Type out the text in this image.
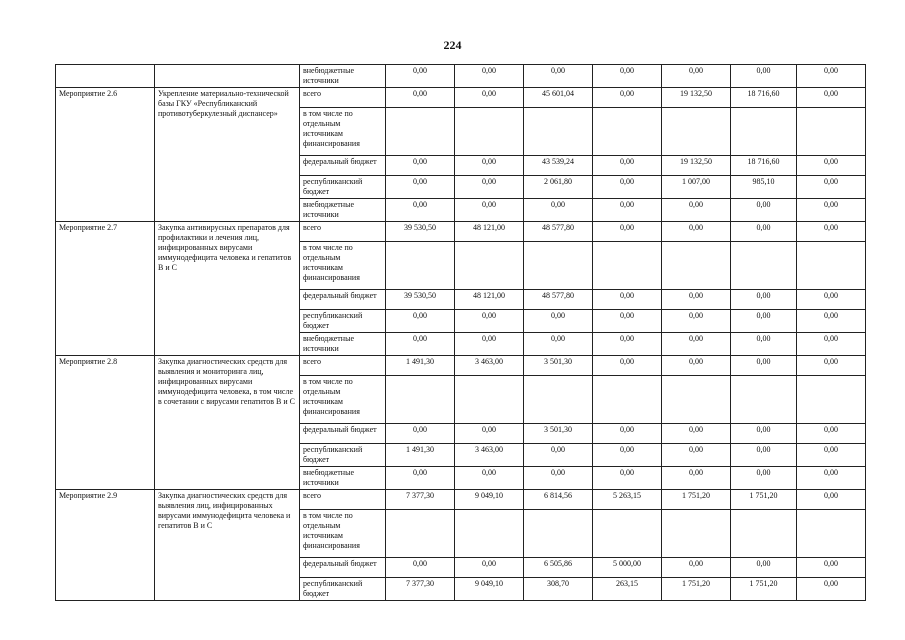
224
		внебюджетные источники	0,00	0,00	0,00	0,00	0,00	0,00	0,00
Мероприятие 2.6	Укрепление материально-технической базы ГКУ «Республиканский противотуберкулезный диспансер»	всего	0,00	0,00	45 601,04	0,00	19 132,50	18 716,60	0,00
		в том числе по отдельным источникам финансирования							
		федеральный бюджет	0,00	0,00	43 539,24	0,00	19 132,50	18 716,60	0,00
		республиканский бюджет	0,00	0,00	2 061,80	0,00	1 007,00	985,10	0,00
		внебюджетные источники	0,00	0,00	0,00	0,00	0,00	0,00	0,00
Мероприятие 2.7	Закупка антивирусных препаратов для профилактики и лечения лиц, инфицированных вирусами иммунодефицита человека и гепатитов В и С	всего	39 530,50	48 121,00	48 577,80	0,00	0,00	0,00	0,00
		в том числе по отдельным источникам финансирования							
		федеральный бюджет	39 530,50	48 121,00	48 577,80	0,00	0,00	0,00	0,00
		республиканский бюджет	0,00	0,00	0,00	0,00	0,00	0,00	0,00
		внебюджетные источники	0,00	0,00	0,00	0,00	0,00	0,00	0,00
Мероприятие 2.8	Закупка диагностических средств для выявления и мониторинга лиц, инфицированных вирусами иммунодефицита человека, в том числе в сочетании с вирусами гепатитов В и С	всего	1 491,30	3 463,00	3 501,30	0,00	0,00	0,00	0,00
		в том числе по отдельным источникам финансирования							
		федеральный бюджет	0,00	0,00	3 501,30	0,00	0,00	0,00	0,00
		республиканский бюджет	1 491,30	3 463,00	0,00	0,00	0,00	0,00	0,00
		внебюджетные источники	0,00	0,00	0,00	0,00	0,00	0,00	0,00
Мероприятие 2.9	Закупка диагностических средств для выявления лиц, инфицированных вирусами иммунодефицита человека и гепатитов В и С	всего	7 377,30	9 049,10	6 814,56	5 263,15	1 751,20	1 751,20	0,00
		в том числе по отдельным источникам финансирования							
		федеральный бюджет	0,00	0,00	6 505,86	5 000,00	0,00	0,00	0,00
		республиканский бюджет	7 377,30	9 049,10	308,70	263,15	1 751,20	1 751,20	0,00
